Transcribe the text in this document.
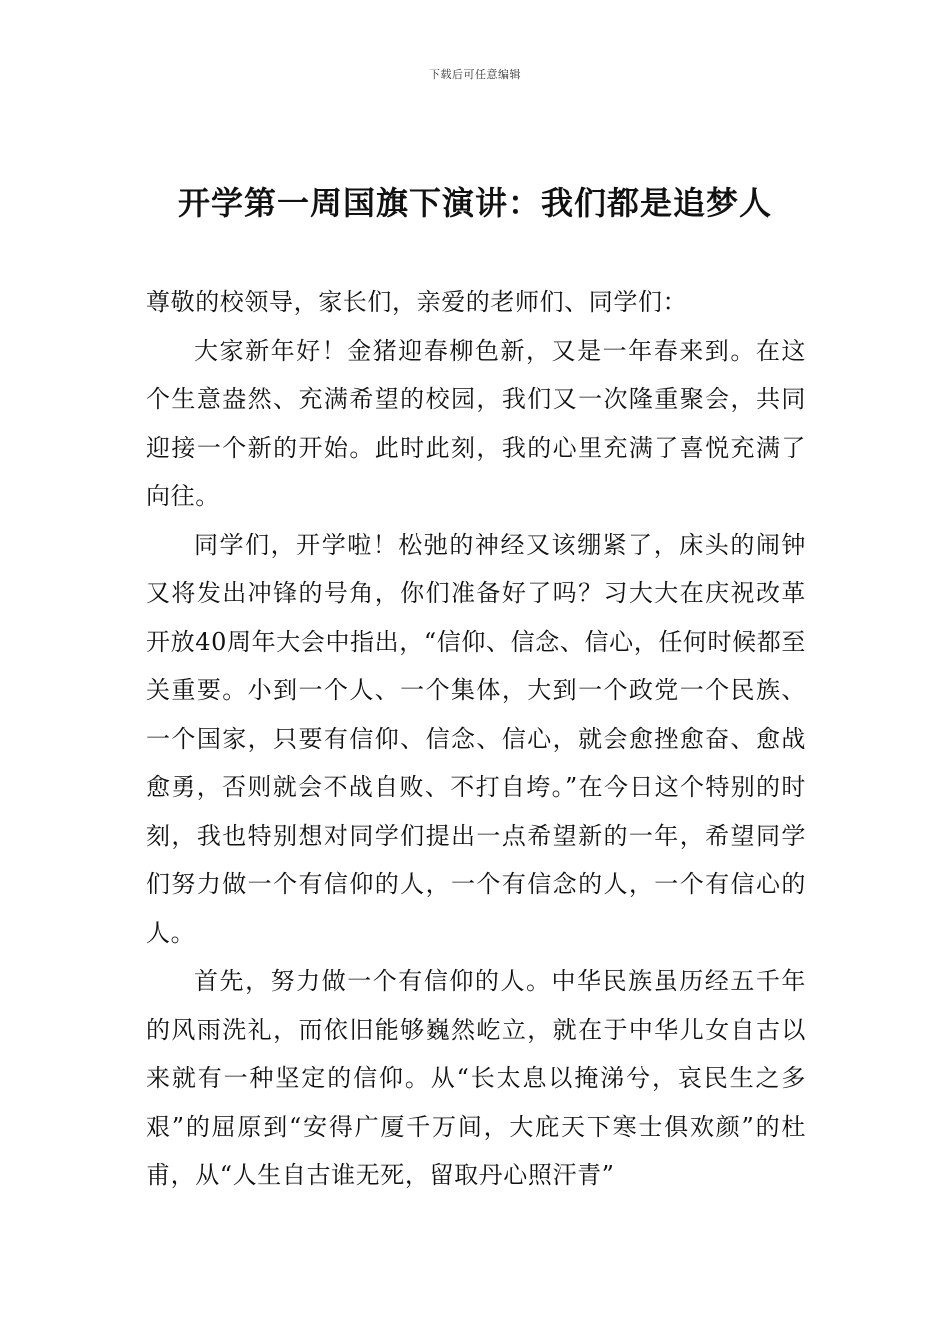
下载后可任意编辑
开学第一周国旗下演讲：我们都是追梦人

尊敬的校领导，家长们，亲爱的老师们、同学们：

大家新年好！金猪迎春柳色新，又是一年春来到。在这个生意盎然、充满希望的校园，我们又一次隆重聚会，共同迎接一个新的开始。此时此刻，我的心里充满了喜悦充满了向往。

同学们，开学啦！松弛的神经又该绷紧了，床头的闹钟又将发出冲锋的号角，你们准备好了吗？习大大在庆祝改革开放40周年大会中指出，“信仰、信念、信心，任何时候都至关重要。小到一个人、一个集体，大到一个政党一个民族、一个国家，只要有信仰、信念、信心，就会愈挫愈奋、愈战愈勇，否则就会不战自败、不打自垮。”在今日这个特别的时刻，我也特别想对同学们提出一点希望新的一年，希望同学们努力做一个有信仰的人，一个有信念的人，一个有信心的人。

首先，努力做一个有信仰的人。中华民族虽历经五千年的风雨洗礼，而依旧能够巍然屹立，就在于中华儿女自古以来就有一种坚定的信仰。从“长太息以掩涕兮，哀民生之多艰”的屈原到“安得广厦千万间，大庇天下寒士俱欢颜”的杜甫，从“人生自古谁无死，留取丹心照汗青”
